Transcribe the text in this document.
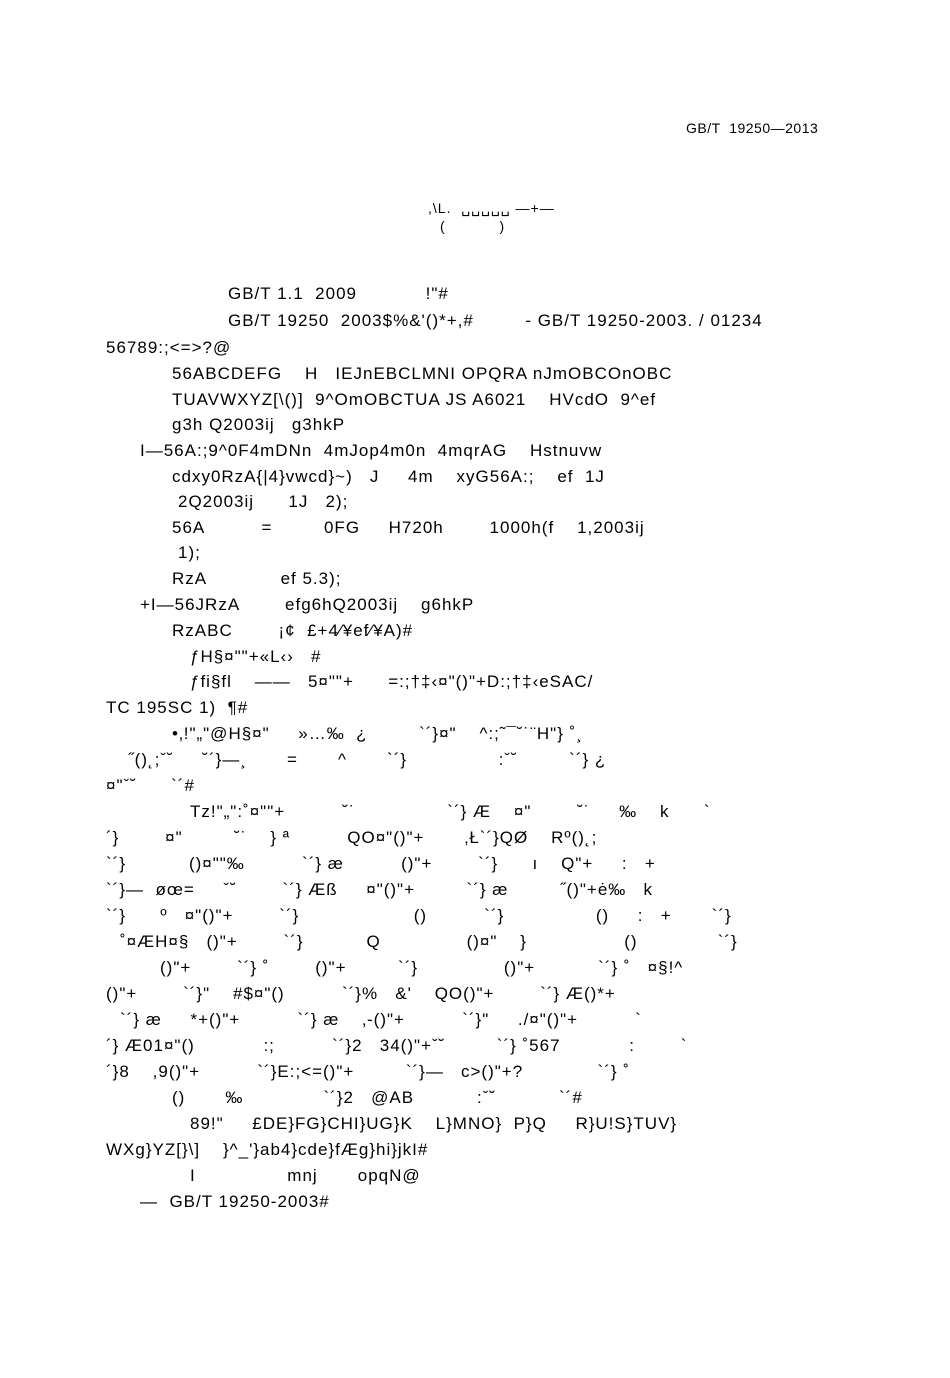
GB/T  19250—2013
,\L.  ␣␣␣␣␣ —+—
(           )
GB/T 1.1  2009            !"#
GB/T 19250  2003$%&'()*+,#         - GB/T 19250-2003. / 01234
56789:;<=>?@
56ABCDEFG    H   IEJnEBCLMNI OPQRA nJmOBCOnOBC
TUAVWXYZ[\()]  9^OmOBCTUA JS A6021    HVcdO  9^ef
g3h Q2003ij   g3hkP
I—56A:;9^0F4mDNn  4mJop4m0n  4mqrAG    Hstnuvw
cdxy0RzA{|4}vwcd}~)   J     4m    xyG56A:;    ef  1J
2Q2003ij      1J   2);
56A          =         0FG     H720h        1000h(f    1,2003ij
1);
RzA             ef 5.3);
+I—56JRzA        efg6hQ2003ij    g6hkP
RzABC        ¡¢  £+4⁄¥ef⁄¥A)#
ƒH§¤""+«L‹›   #
ƒfi§fl    ——   5¤""+      =:;†‡‹¤"()"+D:;†‡‹eSAC/
TC 195SC 1)  ¶#
•‚!"„"@H§¤"     »…‰  ¿         `´}¤"    ^:;˜¯˘˙¨H"} ˚¸
˝()˛;ˇ˘     ˘´}—¸       =       ^       `´}                :ˇ˘         `´} ¿
¤"ˇ˘      `´#
Tz!"„":˚¤""+          ˘˙                `´} Æ    ¤"        ˘˙     ‰    k      `
´}        ¤"         ˘˙    } ª          QO¤"()"+       ‚Ł`´}QØ    Rº()˛;
`´}           ()¤""‰          `´} æ          ()"+        `´}      ı    Q"+     :   +
`´}—  øœ=     ˇ˘        `´} Æß     ¤"()"+         `´} æ         ˝()"+ė‰   k
`´}      º   ¤"()"+        `´}                    ()          `´}                ()     :   +       `´}
˚¤ÆH¤§   ()"+        `´}           Q               ()¤"    }                 ()              `´}
()"+        `´} ˚        ()"+         `´}               ()"+           `´} ˚   ¤§!^
()"+        `´}"    #$¤"()          `´}%   &'    QO()"+        `´} Æ()*+
`´} æ     *+()"+          `´} æ    ‚-()"+          `´}"     ./¤"()"+          `
´} Æ01¤"()            :;          `´}2   34()"+ˇ˘         `´} ˚567            :        `
´}8    ,9()"+          `´}E:;<=()"+         `´}—   c>()"+?             `´} ˚
()       ‰              `´}2   @AB           :ˇ˘           `´#
89!"     £DE}FG}CHI}UG}K    L}MNO}  P}Q     R}U!S}TUV}
WXg}YZ[}\]    }^_'}ab4}cde}fÆg}hi}jkI#
I                mnj       opqN@
—  GB/T 19250-2003#
